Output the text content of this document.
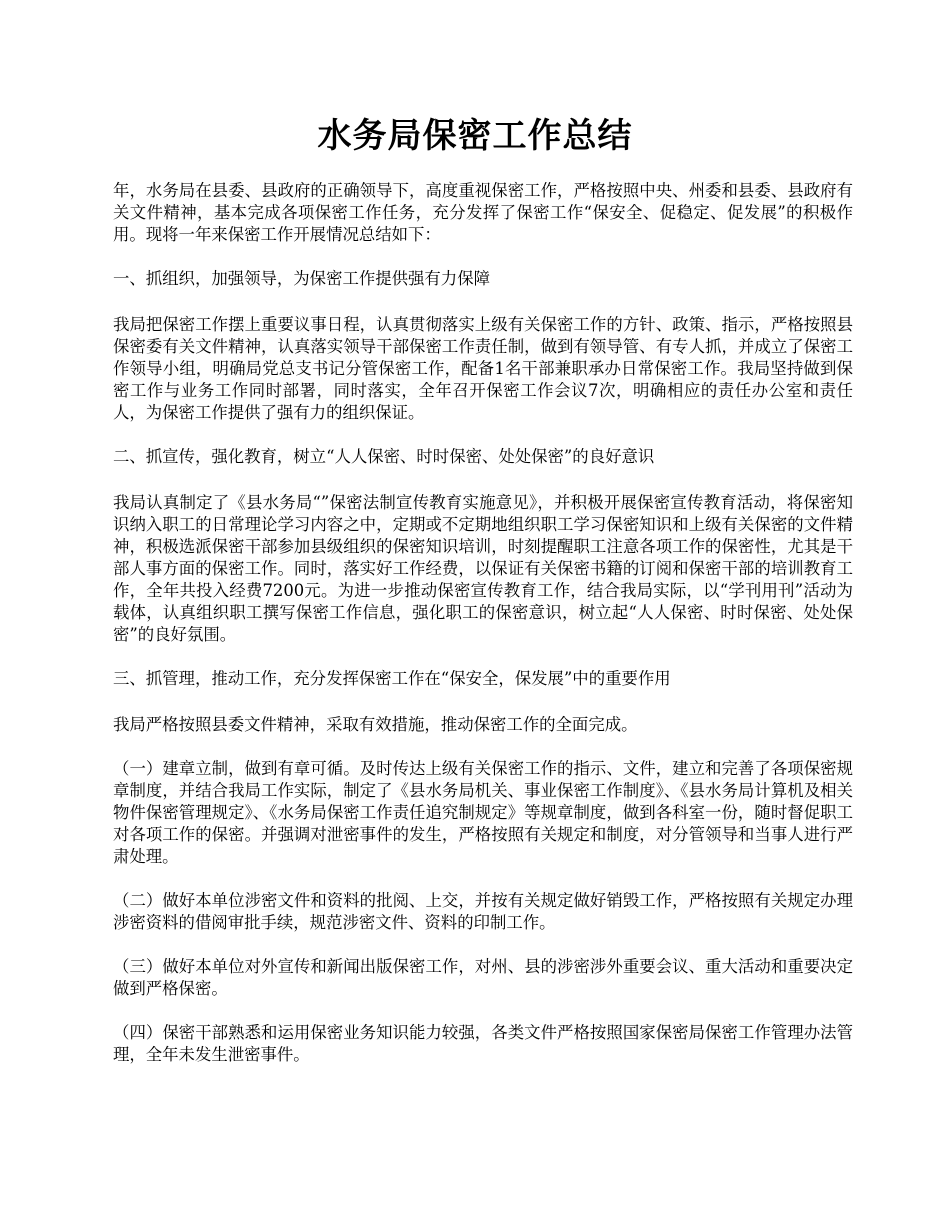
水务局保密工作总结

年，水务局在县委、县政府的正确领导下，高度重视保密工作，严格按照中央、州委和县委、县政府有关文件精神，基本完成各项保密工作任务，充分发挥了保密工作“保安全、促稳定、促发展”的积极作用。现将一年来保密工作开展情况总结如下：

一、抓组织，加强领导，为保密工作提供强有力保障

我局把保密工作摆上重要议事日程，认真贯彻落实上级有关保密工作的方针、政策、指示，严格按照县保密委有关文件精神，认真落实领导干部保密工作责任制，做到有领导管、有专人抓，并成立了保密工作领导小组，明确局党总支书记分管保密工作，配备1名干部兼职承办日常保密工作。我局坚持做到保密工作与业务工作同时部署，同时落实，全年召开保密工作会议7次，明确相应的责任办公室和责任人，为保密工作提供了强有力的组织保证。

二、抓宣传，强化教育，树立“人人保密、时时保密、处处保密”的良好意识

我局认真制定了《县水务局“”保密法制宣传教育实施意见》，并积极开展保密宣传教育活动，将保密知识纳入职工的日常理论学习内容之中，定期或不定期地组织职工学习保密知识和上级有关保密的文件精神，积极选派保密干部参加县级组织的保密知识培训，时刻提醒职工注意各项工作的保密性，尤其是干部人事方面的保密工作。同时，落实好工作经费，以保证有关保密书籍的订阅和保密干部的培训教育工作，全年共投入经费7200元。为进一步推动保密宣传教育工作，结合我局实际，以“学刊用刊”活动为载体，认真组织职工撰写保密工作信息，强化职工的保密意识，树立起“人人保密、时时保密、处处保密”的良好氛围。

三、抓管理，推动工作，充分发挥保密工作在“保安全，保发展”中的重要作用

我局严格按照县委文件精神，采取有效措施，推动保密工作的全面完成。

（一）建章立制，做到有章可循。及时传达上级有关保密工作的指示、文件，建立和完善了各项保密规章制度，并结合我局工作实际，制定了《县水务局机关、事业保密工作制度》、《县水务局计算机及相关物件保密管理规定》、《水务局保密工作责任追究制规定》等规章制度，做到各科室一份，随时督促职工对各项工作的保密。并强调对泄密事件的发生，严格按照有关规定和制度，对分管领导和当事人进行严肃处理。

（二）做好本单位涉密文件和资料的批阅、上交，并按有关规定做好销毁工作，严格按照有关规定办理涉密资料的借阅审批手续，规范涉密文件、资料的印制工作。

（三）做好本单位对外宣传和新闻出版保密工作，对州、县的涉密涉外重要会议、重大活动和重要决定做到严格保密。

（四）保密干部熟悉和运用保密业务知识能力较强，各类文件严格按照国家保密局保密工作管理办法管理，全年未发生泄密事件。
